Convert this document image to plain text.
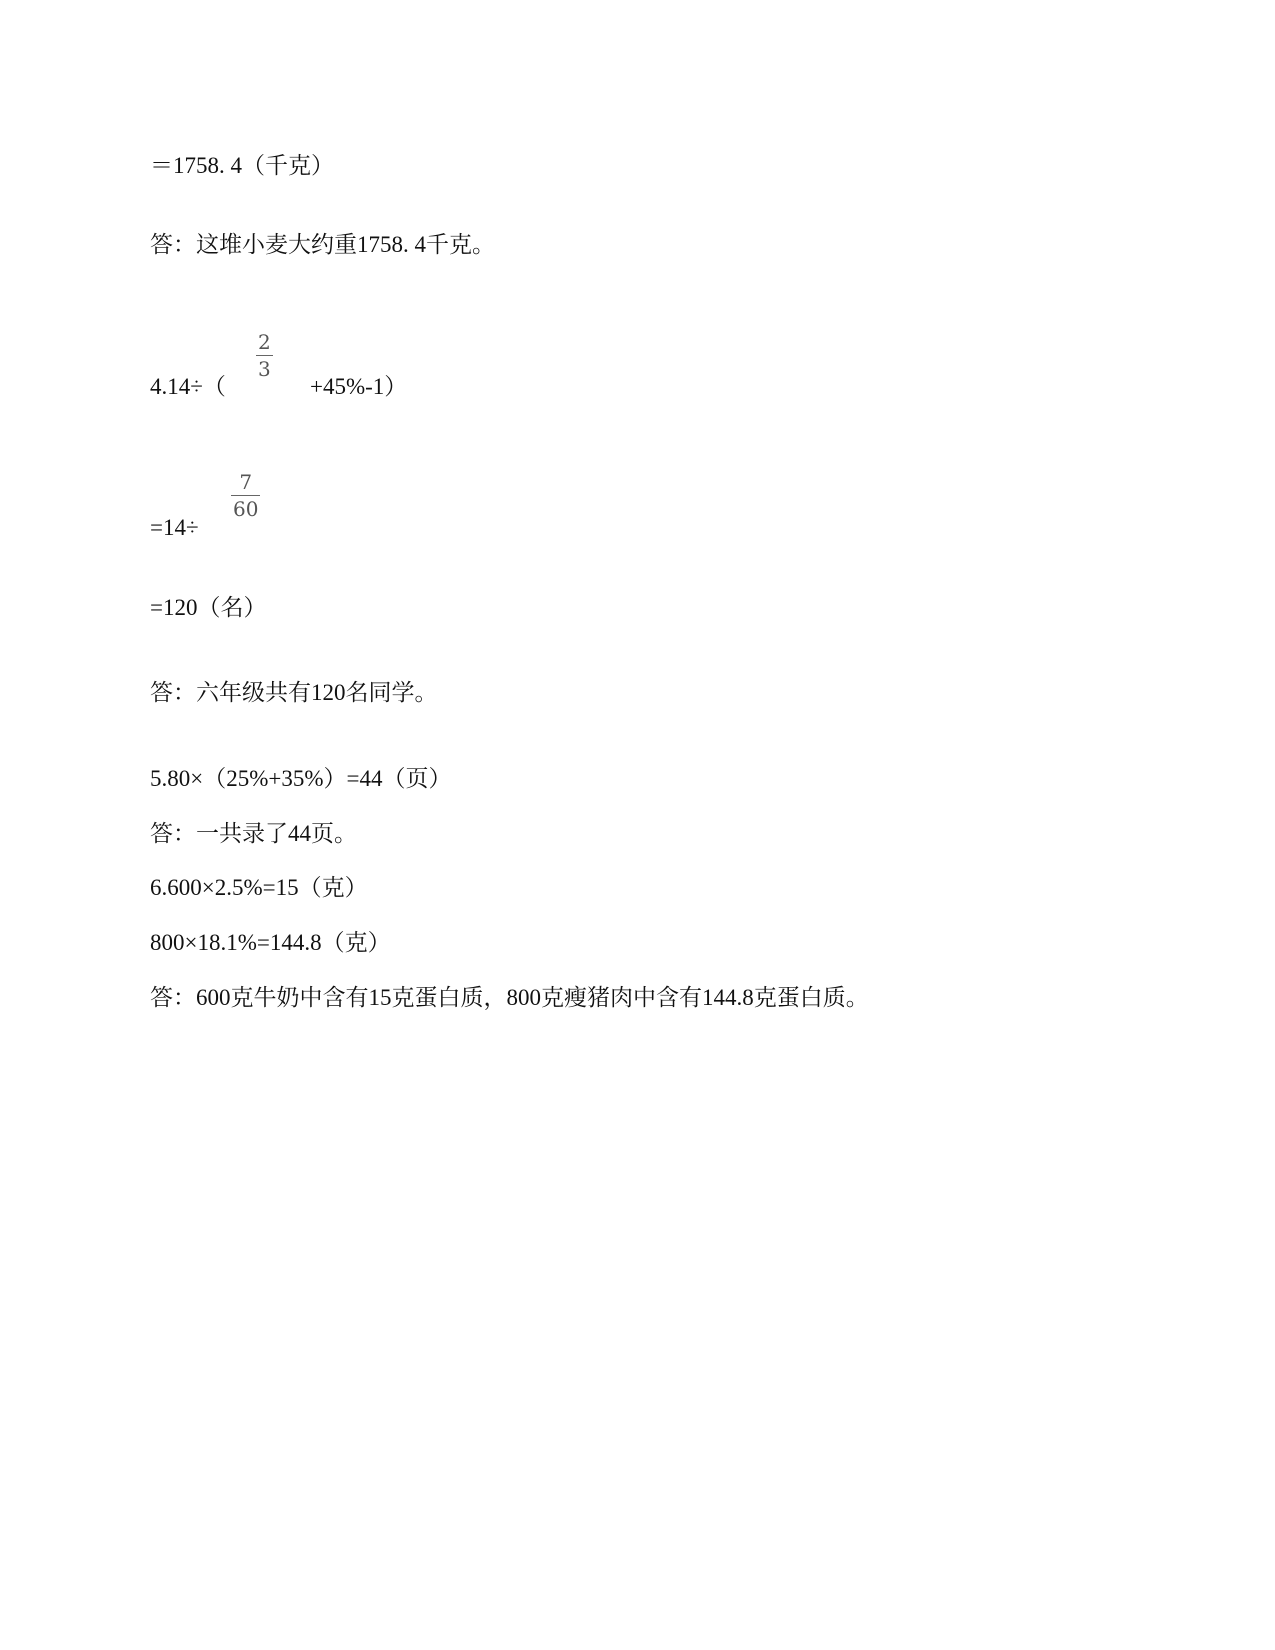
＝1758. 4（千克）
答：这堆小麦大约重1758. 4千克。
4.14÷（
2
3
+45%-1）
=14÷
7
60
=120（名）
答：六年级共有120名同学。
5.80×（25%+35%）=44（页）
答：一共录了44页。
6.600×2.5%=15（克）
800×18.1%=144.8（克）
答：600克牛奶中含有15克蛋白质，800克瘦猪肉中含有144.8克蛋白质。
